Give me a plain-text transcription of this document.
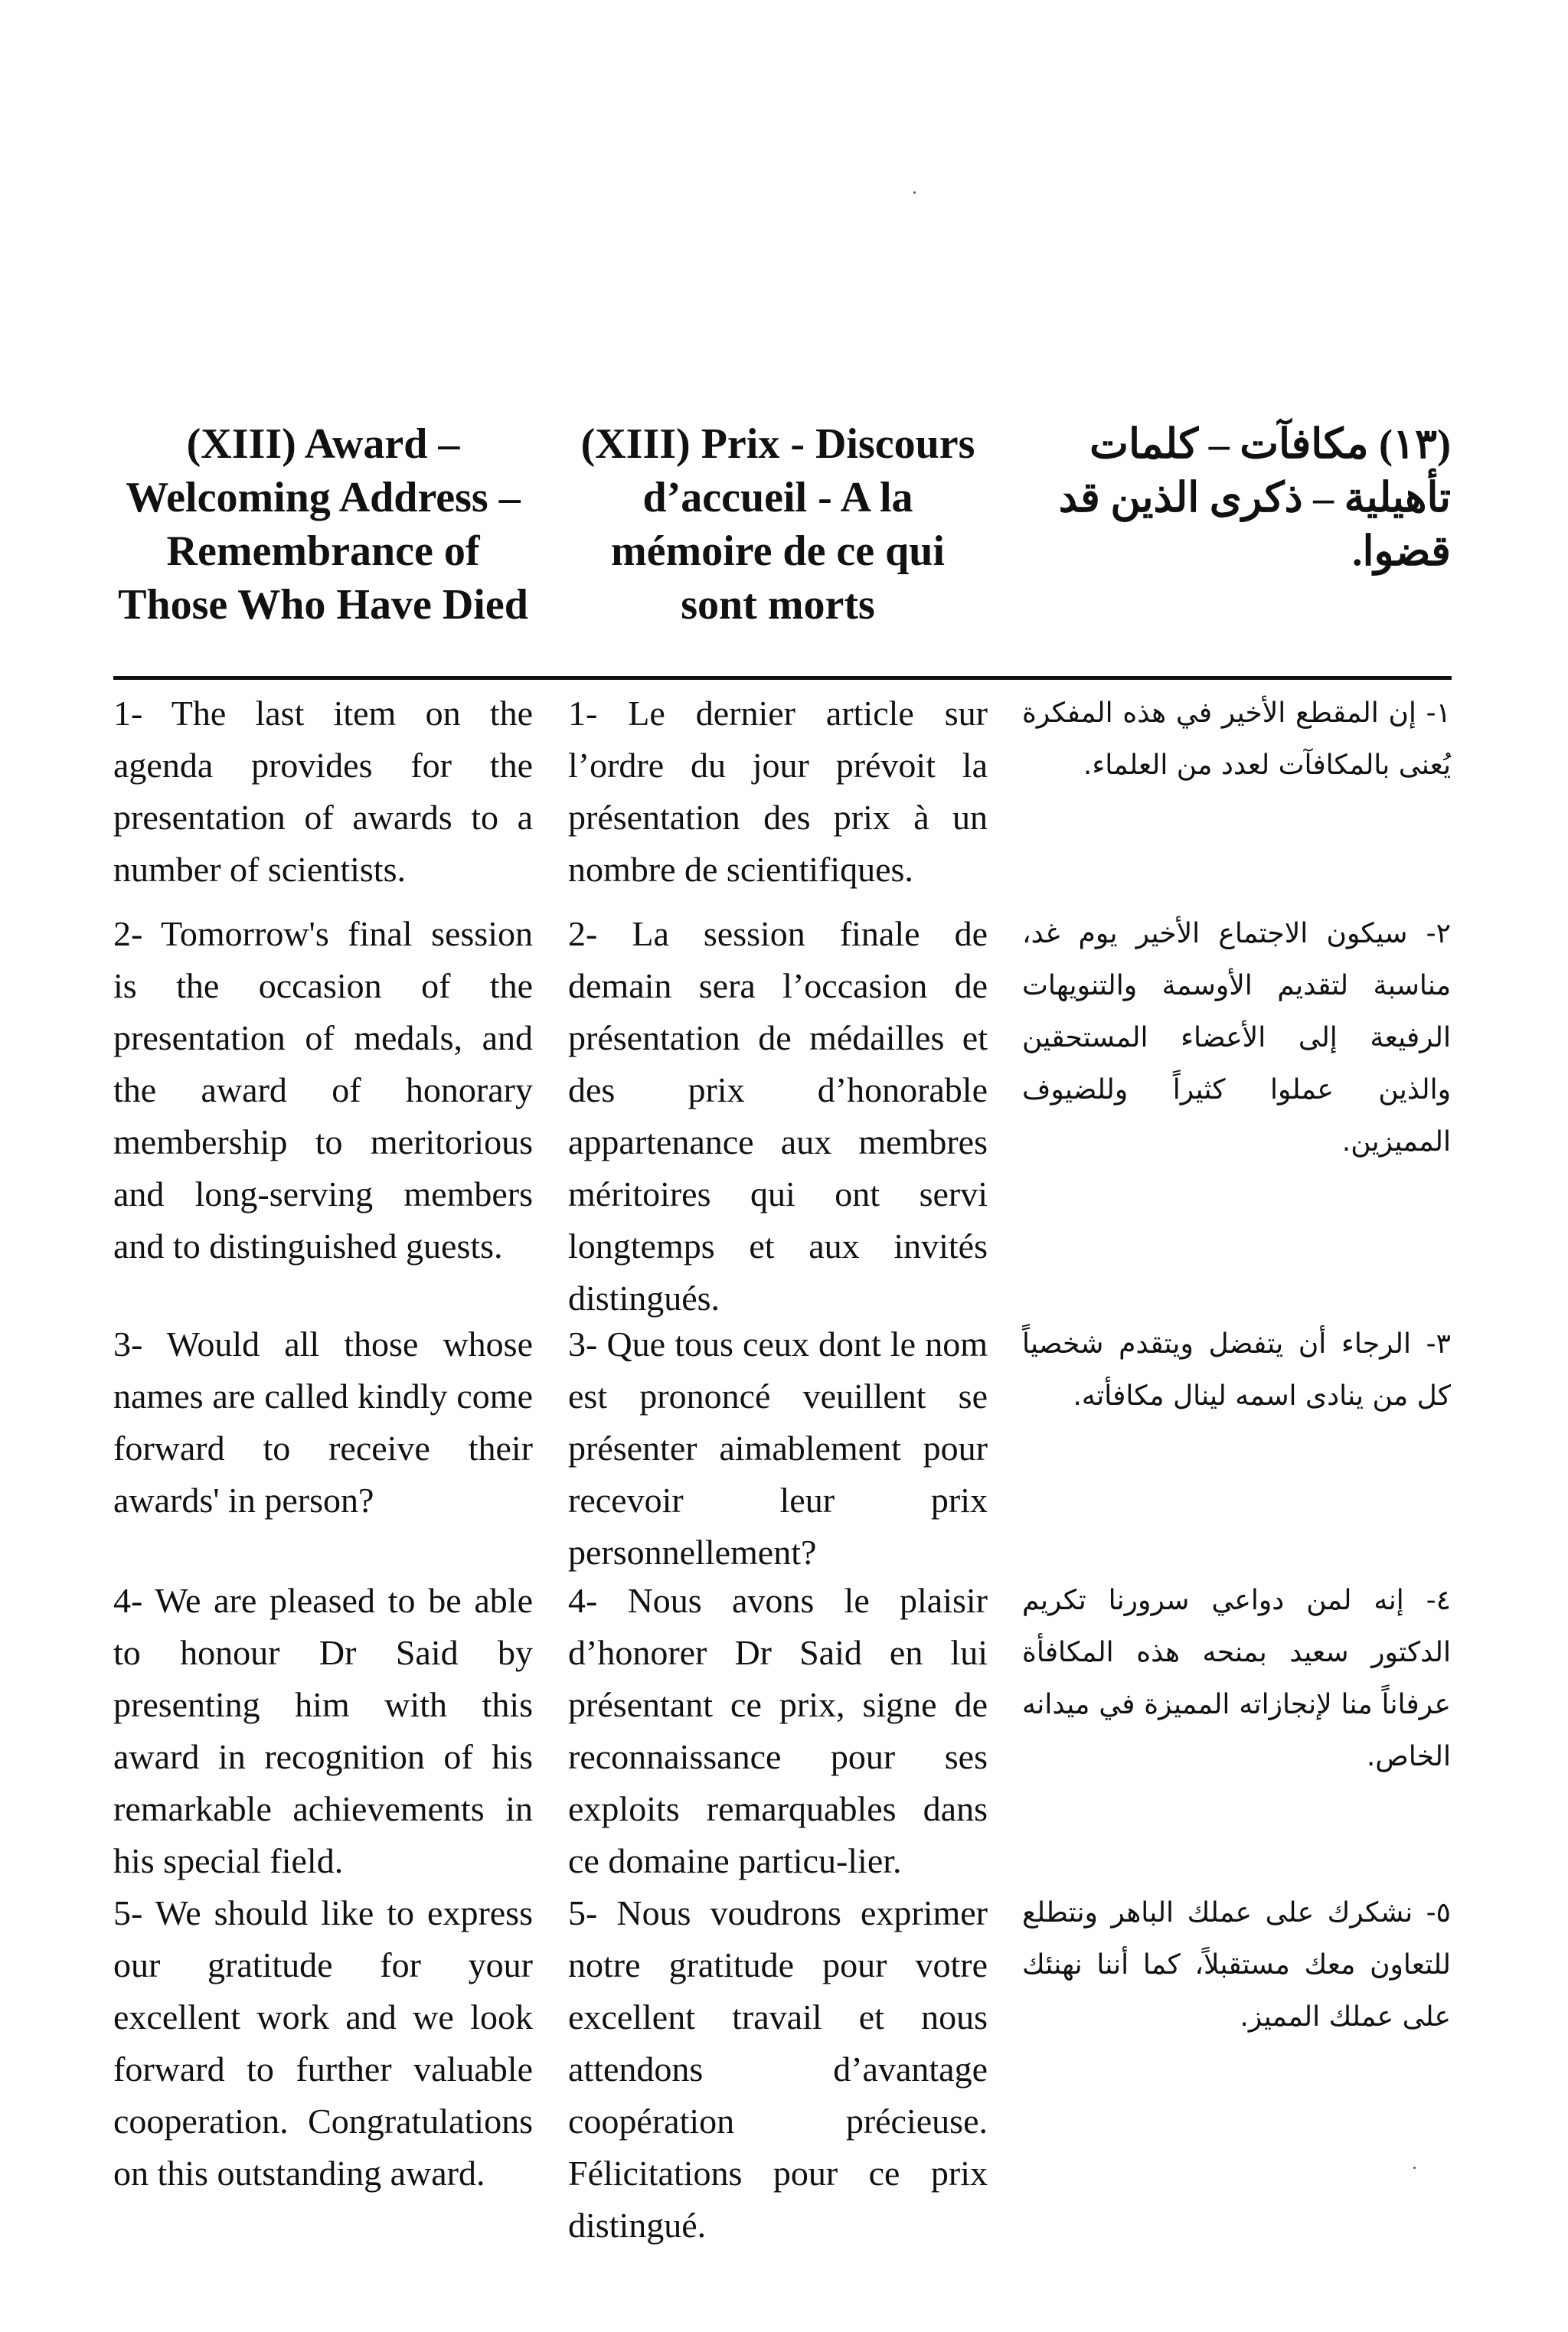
(XIII) Award – Welcoming Address – Remembrance of Those Who Have Died
(XIII) Prix - Discours d’accueil - A la mémoire de ce qui sont morts
(١٣) مكافآت – كلمات تأهيلية – ذكرى الذين قد قضوا.
1- The last item on the agenda provides for the presentation of awards to a number of scientists.
2- Tomorrow's final session is the occasion of the presentation of medals, and the award of honorary membership to meritorious and long-serving members and to distinguished guests.
3- Would all those whose names are called kindly come forward to receive their awards' in person?
4- We are pleased to be able to honour Dr Said by presenting him with this award in recognition of his remarkable achievements in his special field.
5- We should like to express our gratitude for your excellent work and we look forward to further valuable cooperation. Congratulations on this outstanding award.
1- Le dernier article sur l’ordre du jour prévoit la présentation des prix à un nombre de scientifiques.
2- La session finale de demain sera l’occasion de présentation de médailles et des prix d’honorable appartenance aux membres méritoires qui ont servi longtemps et aux invités distingués.
3- Que tous ceux dont le nom est prononcé veuillent se présenter aimablement pour recevoir leur prix personnellement?
4- Nous avons le plaisir d’honorer Dr Said en lui présentant ce prix, signe de reconnaissance pour ses exploits remarquables dans ce domaine particu-lier.
5- Nous voudrons exprimer notre gratitude pour votre excellent travail et nous attendons d’avantage coopération précieuse. Félicitations pour ce prix distingué.
١- إن المقطع الأخير في هذه المفكرة يُعنى بالمكافآت لعدد من العلماء.
٢- سيكون الاجتماع الأخير يوم غد، مناسبة لتقديم الأوسمة والتنويهات الرفيعة إلى الأعضاء المستحقين والذين عملوا كثيراً وللضيوف المميزين.
٣- الرجاء أن يتفضل ويتقدم شخصياً كل من ينادى اسمه لينال مكافأته.
٤- إنه لمن دواعي سرورنا تكريم الدكتور سعيد بمنحه هذه المكافأة عرفاناً منا لإنجازاته المميزة في ميدانه الخاص.
٥- نشكرك على عملك الباهر ونتطلع للتعاون معك مستقبلاً، كما أننا نهنئك على عملك المميز.
